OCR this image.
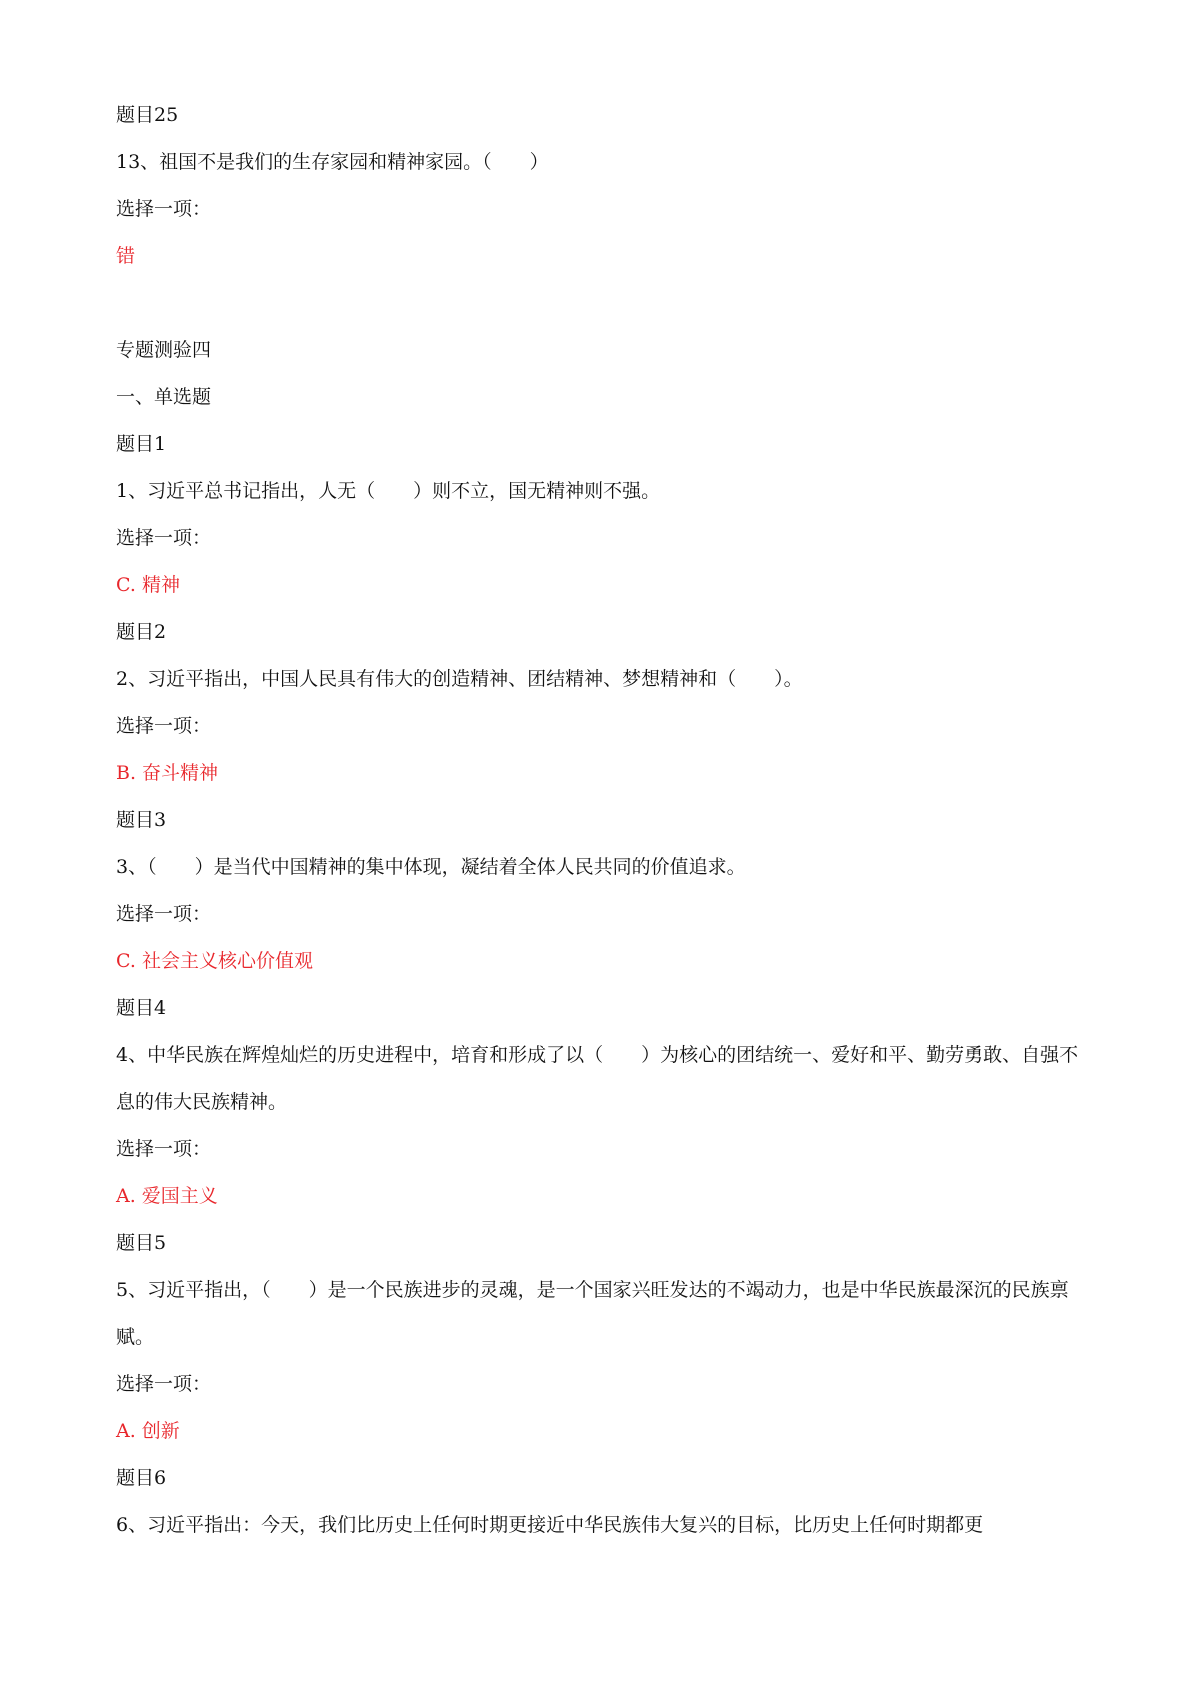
题目25

13、祖国不是我们的生存家园和精神家园。（　　）

选择一项：

错

专题测验四

一、单选题

题目1

1、习近平总书记指出，人无（　　）则不立，国无精神则不强。

选择一项：

C. 精神

题目2

2、习近平指出，中国人民具有伟大的创造精神、团结精神、梦想精神和（　　）。

选择一项：

B. 奋斗精神

题目3

3、（　　）是当代中国精神的集中体现，凝结着全体人民共同的价值追求。

选择一项：

C. 社会主义核心价值观

题目4

4、中华民族在辉煌灿烂的历史进程中，培育和形成了以（　　）为核心的团结统一、爱好和平、勤劳勇敢、自强不息的伟大民族精神。

选择一项：

A. 爱国主义

题目5

5、习近平指出，（　　）是一个民族进步的灵魂，是一个国家兴旺发达的不竭动力，也是中华民族最深沉的民族禀赋。

选择一项：

A. 创新

题目6

6、习近平指出：今天，我们比历史上任何时期更接近中华民族伟大复兴的目标，比历史上任何时期都更
